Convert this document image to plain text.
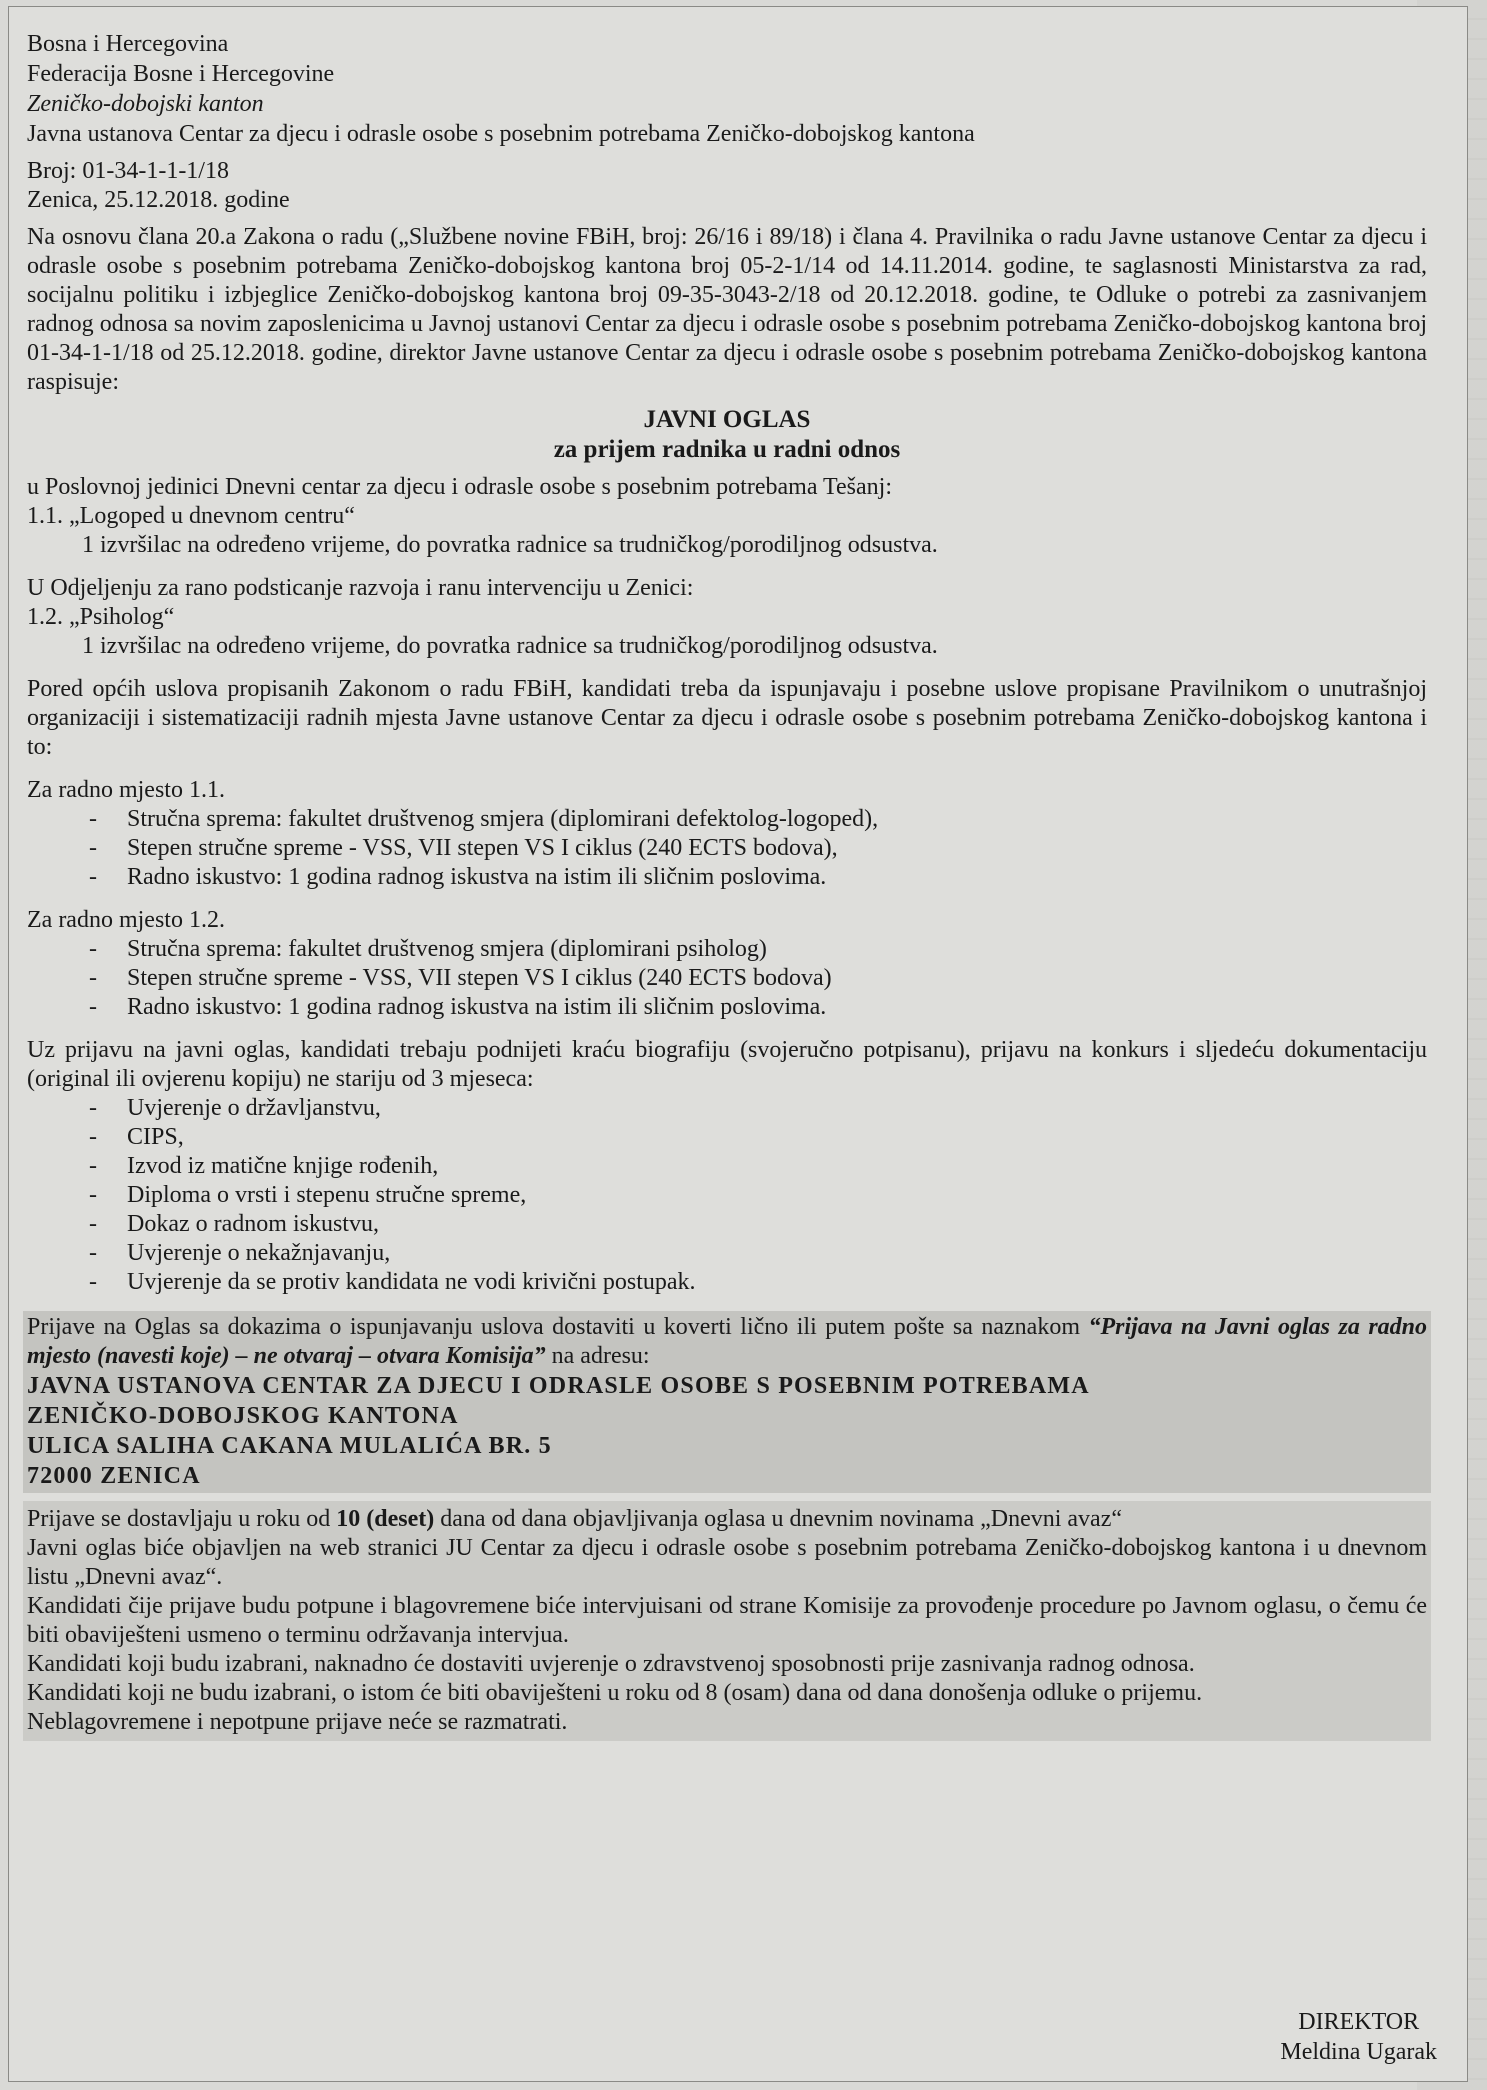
Bosna i Hercegovina
Federacija Bosne i Hercegovine
Zeničko-dobojski kanton
Javna ustanova Centar za djecu i odrasle osobe s posebnim potrebama Zeničko-dobojskog kantona
Broj: 01-34-1-1-1/18
Zenica, 25.12.2018. godine
Na osnovu člana 20.a Zakona o radu („Službene novine FBiH, broj: 26/16 i 89/18) i člana 4. Pravilnika o radu Javne ustanove Centar za djecu i odrasle osobe s posebnim potrebama Zeničko-dobojskog kantona broj 05-2-1/14 od 14.11.2014. godine, te saglasnosti Ministarstva za rad, socijalnu politiku i izbjeglice Zeničko-dobojskog kantona broj 09-35-3043-2/18 od 20.12.2018. godine, te Odluke o potrebi za zasnivanjem radnog odnosa sa novim zaposlenicima u Javnoj ustanovi Centar za djecu i odrasle osobe s posebnim potrebama Zeničko-dobojskog kantona broj 01-34-1-1/18 od 25.12.2018. godine, direktor Javne ustanove Centar za djecu i odrasle osobe s posebnim potrebama Zeničko-dobojskog kantona raspisuje:
JAVNI OGLAS
za prijem radnika u radni odnos
u Poslovnoj jedinici Dnevni centar za djecu i odrasle osobe s posebnim potrebama Tešanj:
1.1. „Logoped u dnevnom centru“
1 izvršilac na određeno vrijeme, do povratka radnice sa trudničkog/porodiljnog odsustva.
U Odjeljenju za rano podsticanje razvoja i ranu intervenciju u Zenici:
1.2. „Psiholog“
1 izvršilac na određeno vrijeme, do povratka radnice sa trudničkog/porodiljnog odsustva.
Pored općih uslova propisanih Zakonom o radu FBiH, kandidati treba da ispunjavaju i posebne uslove propisane Pravilnikom o unutrašnjoj organizaciji i sistematizaciji radnih mjesta Javne ustanove Centar za djecu i odrasle osobe s posebnim potrebama Zeničko-dobojskog kantona i to:
Za radno mjesto 1.1.
-	Stručna sprema: fakultet društvenog smjera (diplomirani defektolog-logoped),
-	Stepen stručne spreme - VSS, VII stepen VS I ciklus (240 ECTS bodova),
-	Radno iskustvo: 1 godina radnog iskustva na istim ili sličnim poslovima.
Za radno mjesto 1.2.
-	Stručna sprema: fakultet društvenog smjera (diplomirani psiholog)
-	Stepen stručne spreme - VSS, VII stepen VS I ciklus (240 ECTS bodova)
-	Radno iskustvo: 1 godina radnog iskustva na istim ili sličnim poslovima.
Uz prijavu na javni oglas, kandidati trebaju podnijeti kraću biografiju (svojeručno potpisanu), prijavu na konkurs i sljedeću dokumentaciju (original ili ovjerenu kopiju) ne stariju od 3 mjeseca:
-	Uvjerenje o državljanstvu,
-	CIPS,
-	Izvod iz matične knjige rođenih,
-	Diploma o vrsti i stepenu stručne spreme,
-	Dokaz o radnom iskustvu,
-	Uvjerenje o nekažnjavanju,
-	Uvjerenje da se protiv kandidata ne vodi krivični postupak.
Prijave na Oglas sa dokazima o ispunjavanju uslova dostaviti u koverti lično ili putem pošte sa naznakom “Prijava na Javni oglas za radno mjesto (navesti koje) – ne otvaraj – otvara Komisija” na adresu:
JAVNA USTANOVA CENTAR ZA DJECU I ODRASLE OSOBE S POSEBNIM POTREBAMA
ZENIČKO-DOBOJSKOG KANTONA
ULICA SALIHA CAKANA MULALIĆA BR. 5
72000 ZENICA
Prijave se dostavljaju u roku od 10 (deset) dana od dana objavljivanja oglasa u dnevnim novinama „Dnevni avaz“
Javni oglas biće objavljen na web stranici JU Centar za djecu i odrasle osobe s posebnim potrebama Zeničko-dobojskog kantona i u dnevnom listu „Dnevni avaz“.
Kandidati čije prijave budu potpune i blagovremene biće intervjuisani od strane Komisije za provođenje procedure po Javnom oglasu, o čemu će biti obaviješteni usmeno o terminu održavanja intervjua.
Kandidati koji budu izabrani, naknadno će dostaviti uvjerenje o zdravstvenoj sposobnosti prije zasnivanja radnog odnosa.
Kandidati koji ne budu izabrani, o istom će biti obaviješteni u roku od 8 (osam) dana od dana donošenja odluke o prijemu.
Neblagovremene i nepotpune prijave neće se razmatrati.
DIREKTOR
Meldina Ugarak
